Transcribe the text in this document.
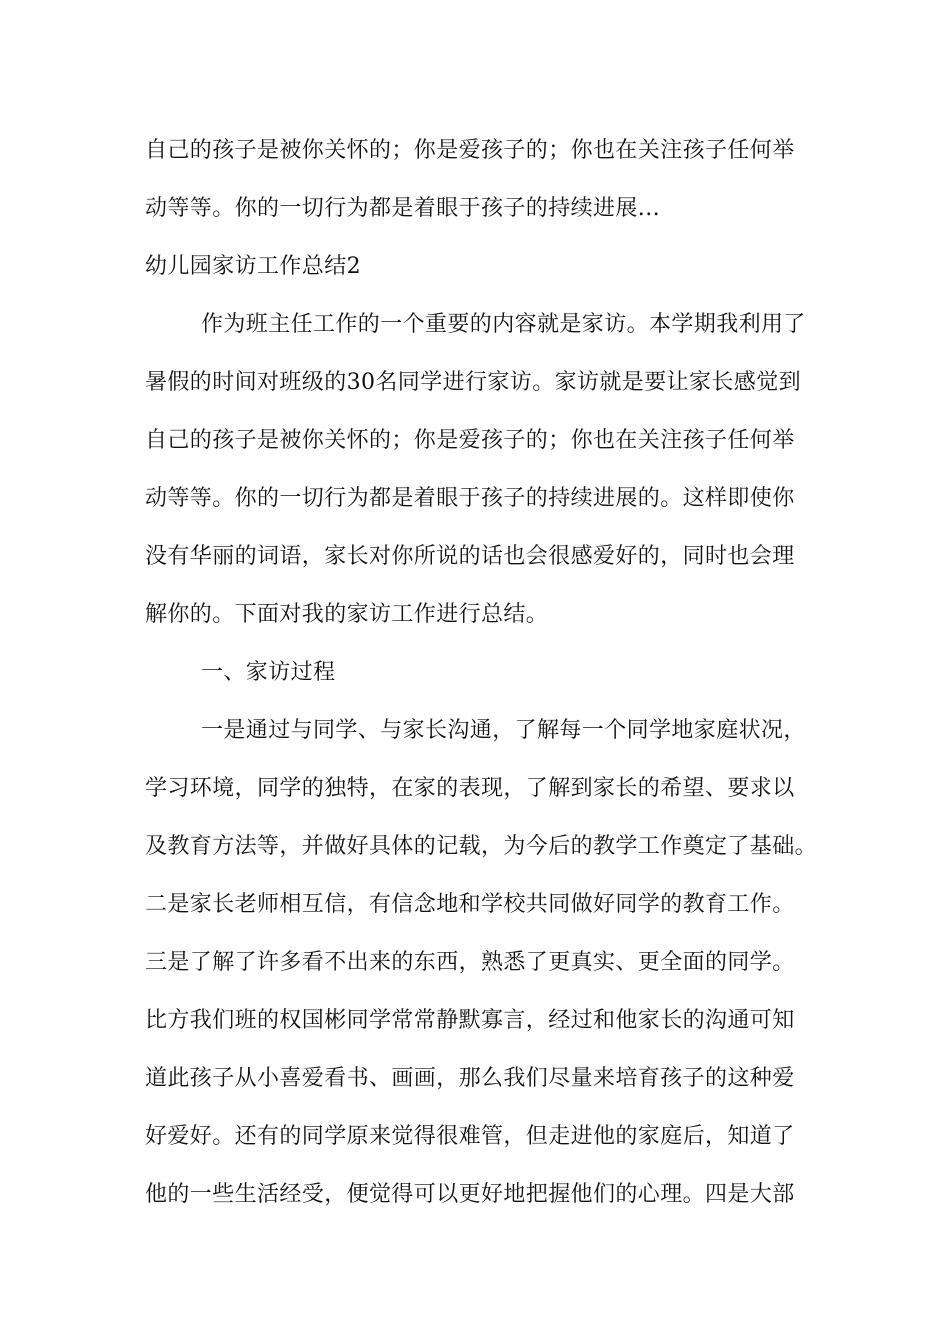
自己的孩子是被你关怀的；你是爱孩子的；你也在关注孩子任何举
动等等。你的一切行为都是着眼于孩子的持续进展...
幼儿园家访工作总结2
作为班主任工作的一个重要的内容就是家访。本学期我利用了
暑假的时间对班级的30名同学进行家访。家访就是要让家长感觉到
自己的孩子是被你关怀的；你是爱孩子的；你也在关注孩子任何举
动等等。你的一切行为都是着眼于孩子的持续进展的。这样即使你
没有华丽的词语，家长对你所说的话也会很感爱好的，同时也会理
解你的。下面对我的家访工作进行总结。
一、家访过程
一是通过与同学、与家长沟通，了解每一个同学地家庭状况，
学习环境，同学的独特，在家的表现，了解到家长的希望、要求以
及教育方法等，并做好具体的记载，为今后的教学工作奠定了基础。
二是家长老师相互信，有信念地和学校共同做好同学的教育工作。
三是了解了许多看不出来的东西，熟悉了更真实、更全面的同学。
比方我们班的权国彬同学常常静默寡言，经过和他家长的沟通可知
道此孩子从小喜爱看书、画画，那么我们尽量来培育孩子的这种爱
好爱好。还有的同学原来觉得很难管，但走进他的家庭后，知道了
他的一些生活经受，便觉得可以更好地把握他们的心理。四是大部
